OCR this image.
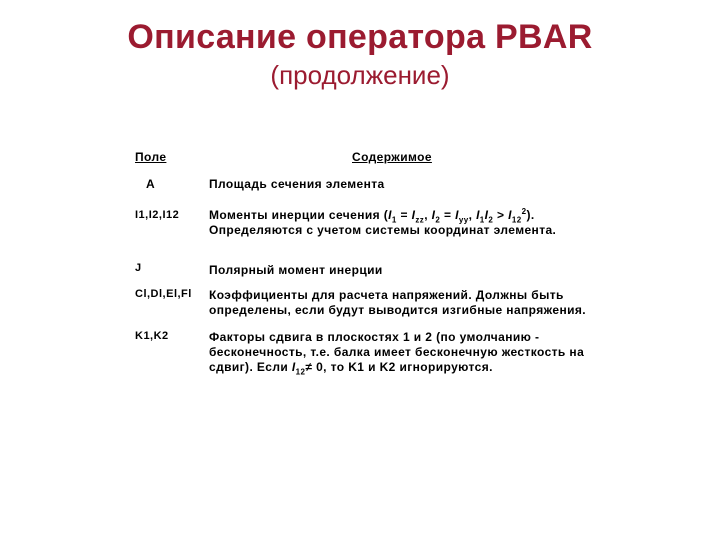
Описание оператора PBAR
(продолжение)
Поле	Содержимое
A	Площадь сечения элемента
I1,I2,I12 Моменты инерции сечения ($I_1 = I_{zz}$, $I_2 = I_{yy}$, $I_1I_2 > I_{12}^2$).
Определяются с учетом системы координат элемента.
J	Полярный момент инерции
Cl,Dl,El,Fl Коэффициенты для расчета напряжений. Должны быть определены, если будут выводится изгибные напряжения.
K1,K2	Факторы сдвига в плоскостях 1 и 2 (по умолчанию - бесконечность, т.е. балка имеет бесконечную жесткость на сдвиг). Если $I_{12}\ne 0$, то K1 и K2 игнорируются.
